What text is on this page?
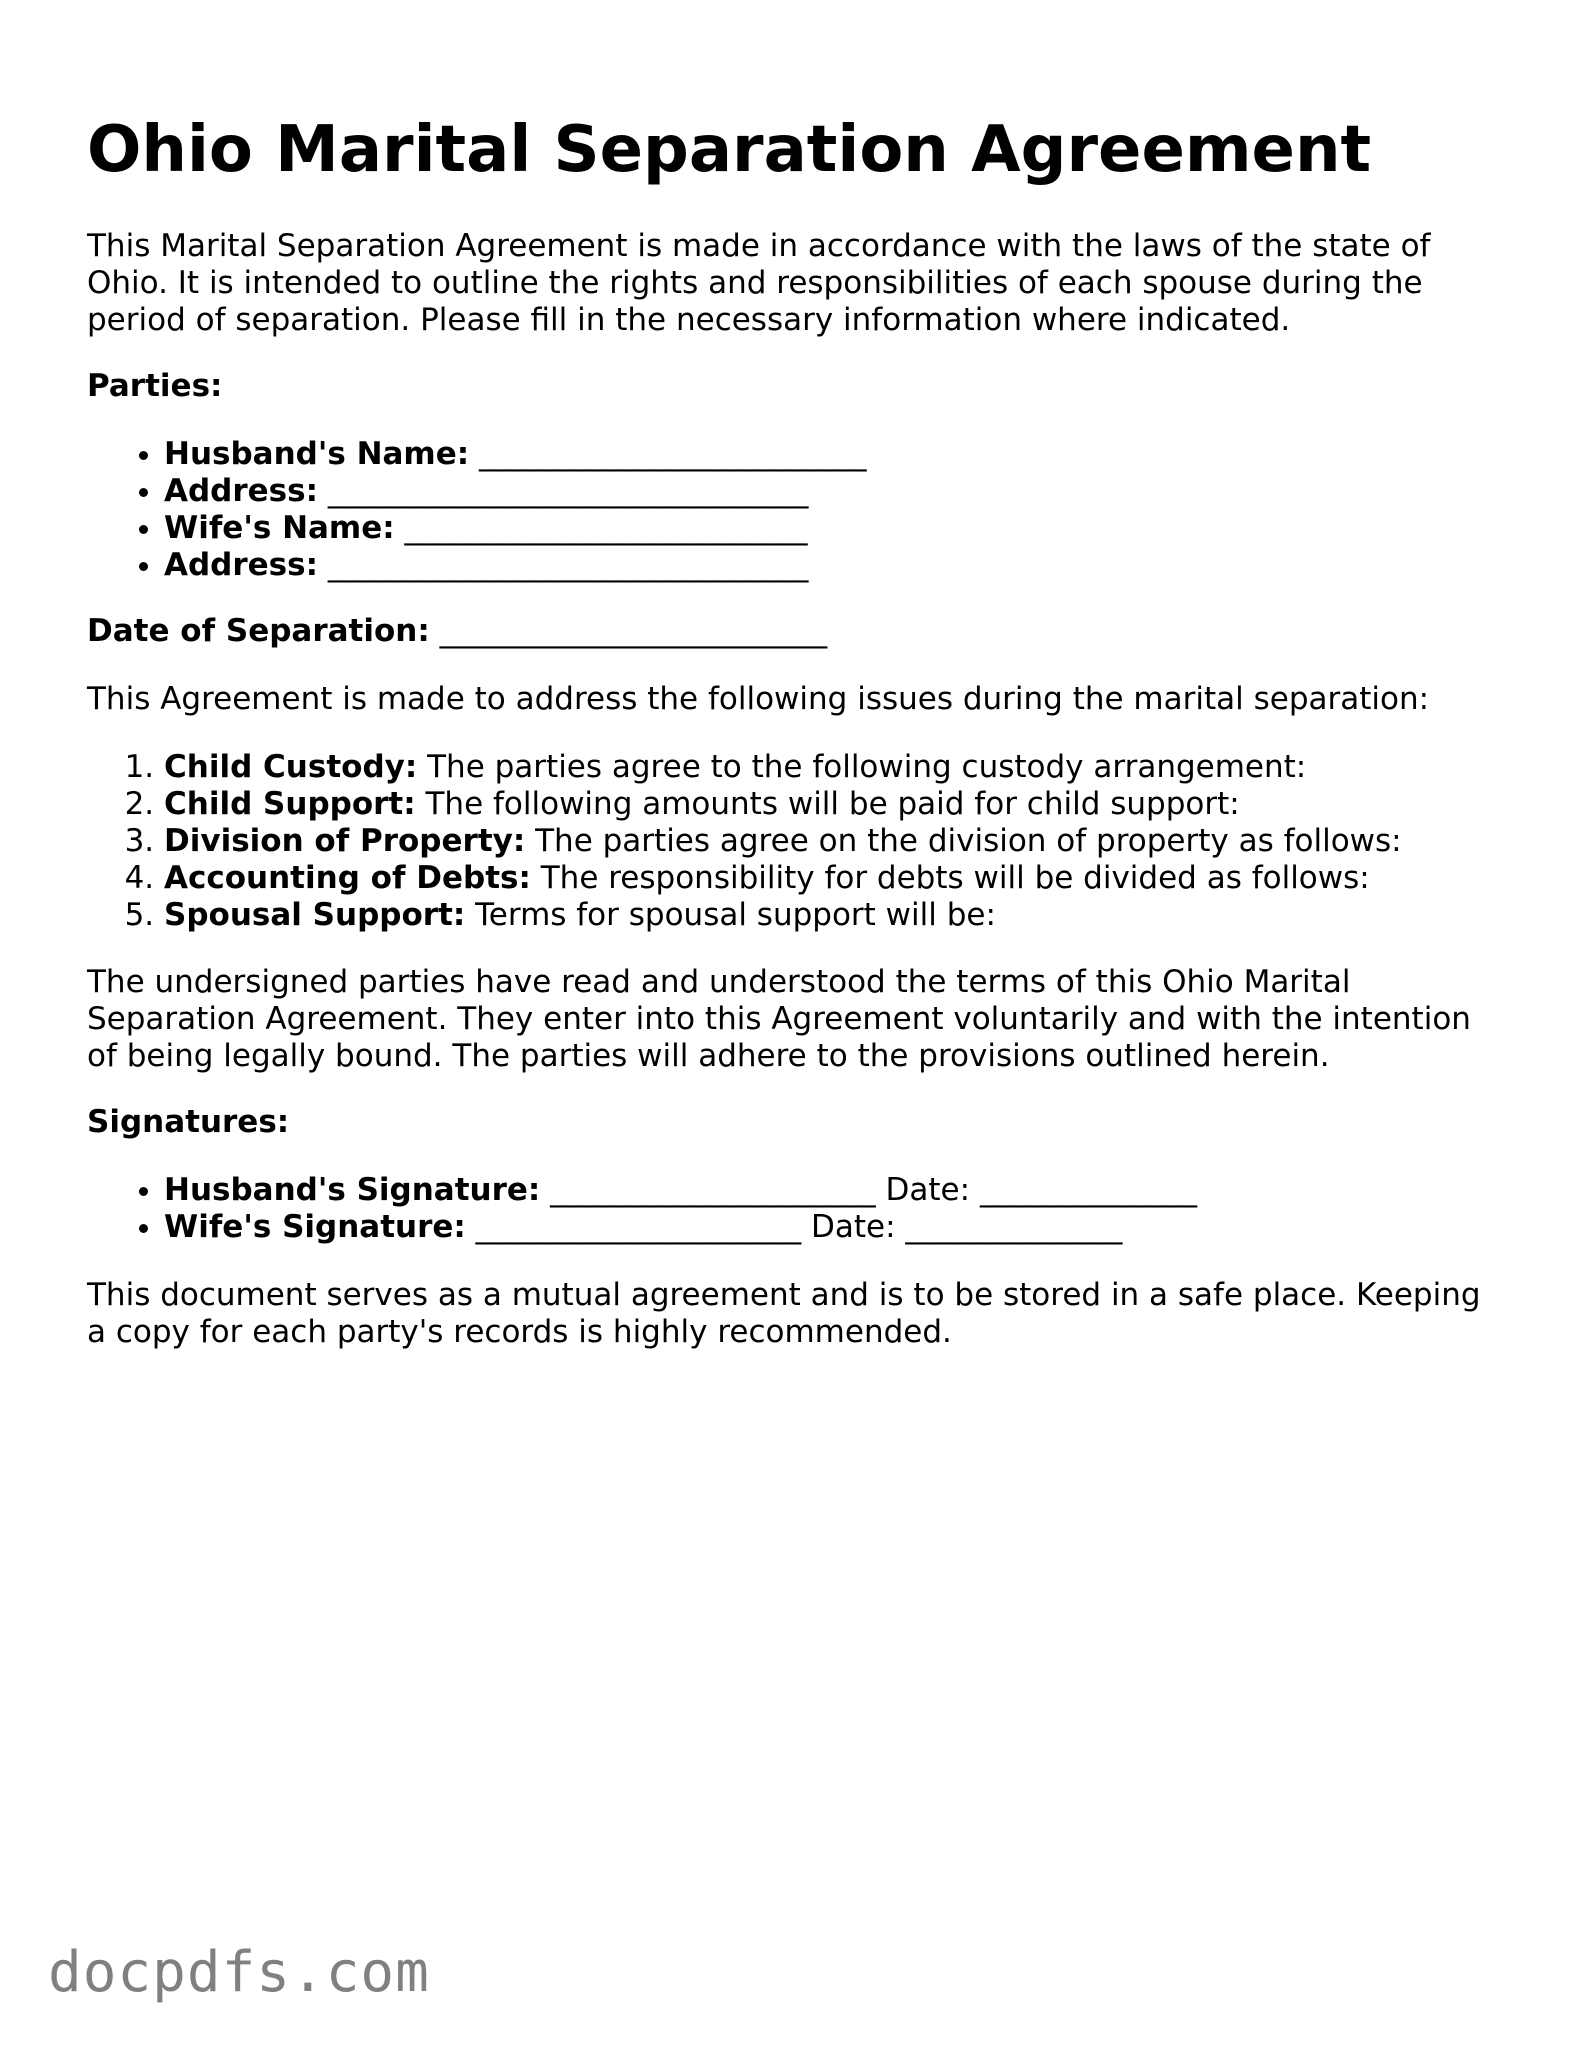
Ohio Marital Separation Agreement

This Marital Separation Agreement is made in accordance with the laws of the state of Ohio. It is intended to outline the rights and responsibilities of each spouse during the period of separation. Please fill in the necessary information where indicated.

Parties:

• Husband's Name: _________________________
• Address: _______________________________
• Wife's Name: __________________________
• Address: _______________________________

Date of Separation: _________________________

This Agreement is made to address the following issues during the marital separation:

1. Child Custody: The parties agree to the following custody arrangement:
2. Child Support: The following amounts will be paid for child support:
3. Division of Property: The parties agree on the division of property as follows:
4. Accounting of Debts: The responsibility for debts will be divided as follows:
5. Spousal Support: Terms for spousal support will be:

The undersigned parties have read and understood the terms of this Ohio Marital Separation Agreement. They enter into this Agreement voluntarily and with the intention of being legally bound. The parties will adhere to the provisions outlined herein.

Signatures:

• Husband's Signature: _____________________ Date: ______________
• Wife's Signature: _____________________ Date: ______________

This document serves as a mutual agreement and is to be stored in a safe place. Keeping a copy for each party's records is highly recommended.

docpdfs.com
